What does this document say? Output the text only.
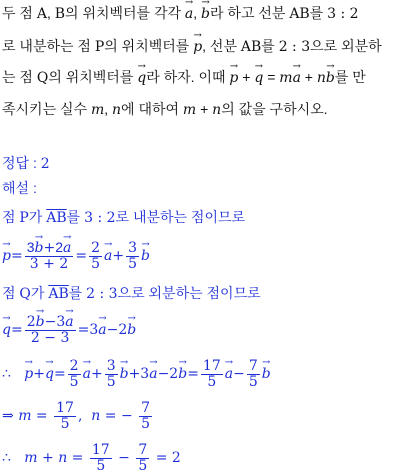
두 점 A, B의 위치벡터를 각각 → a, → b라 하고 선분 AB를 3 : 2
로 내분하는 점 P의 위치벡터를 → p, 선분 AB를 2 : 3으로 외분하
는 점 Q의 위치벡터를 → q라 하자. 이때 → p + → q = m→ a + n→ b를 만
족시키는 실수 m, n에 대하여 m + n의 값을 구하시오.
정답 : 2
해설 :
점 P가 $\overline{AB}$를 3 : 2로 내분하는 점이므로
→ $p= \frac{3\to b+2\to a}{3 + 2} = \frac{2}{5} \to a+ \frac{3}{5} \to b$
점 Q가 $\overline{AB}$를 2 : 3으로 외분하는 점이므로
→ $q= \frac{2\to b-3\to a}{2 - 3} =3\to a-2\to b$
∴   → $p+\to q= \frac{2}{5} \to a+ \frac{3}{5} \to b+3\to a-2\to b= \frac{17}{5} \to a- \frac{7}{5} \to b$
⇒ $m = \frac{17}{5}$ ,  n = − $\frac{7}{5}$
∴   $m + n = \frac{17}{5} - \frac{7}{5} = 2$
